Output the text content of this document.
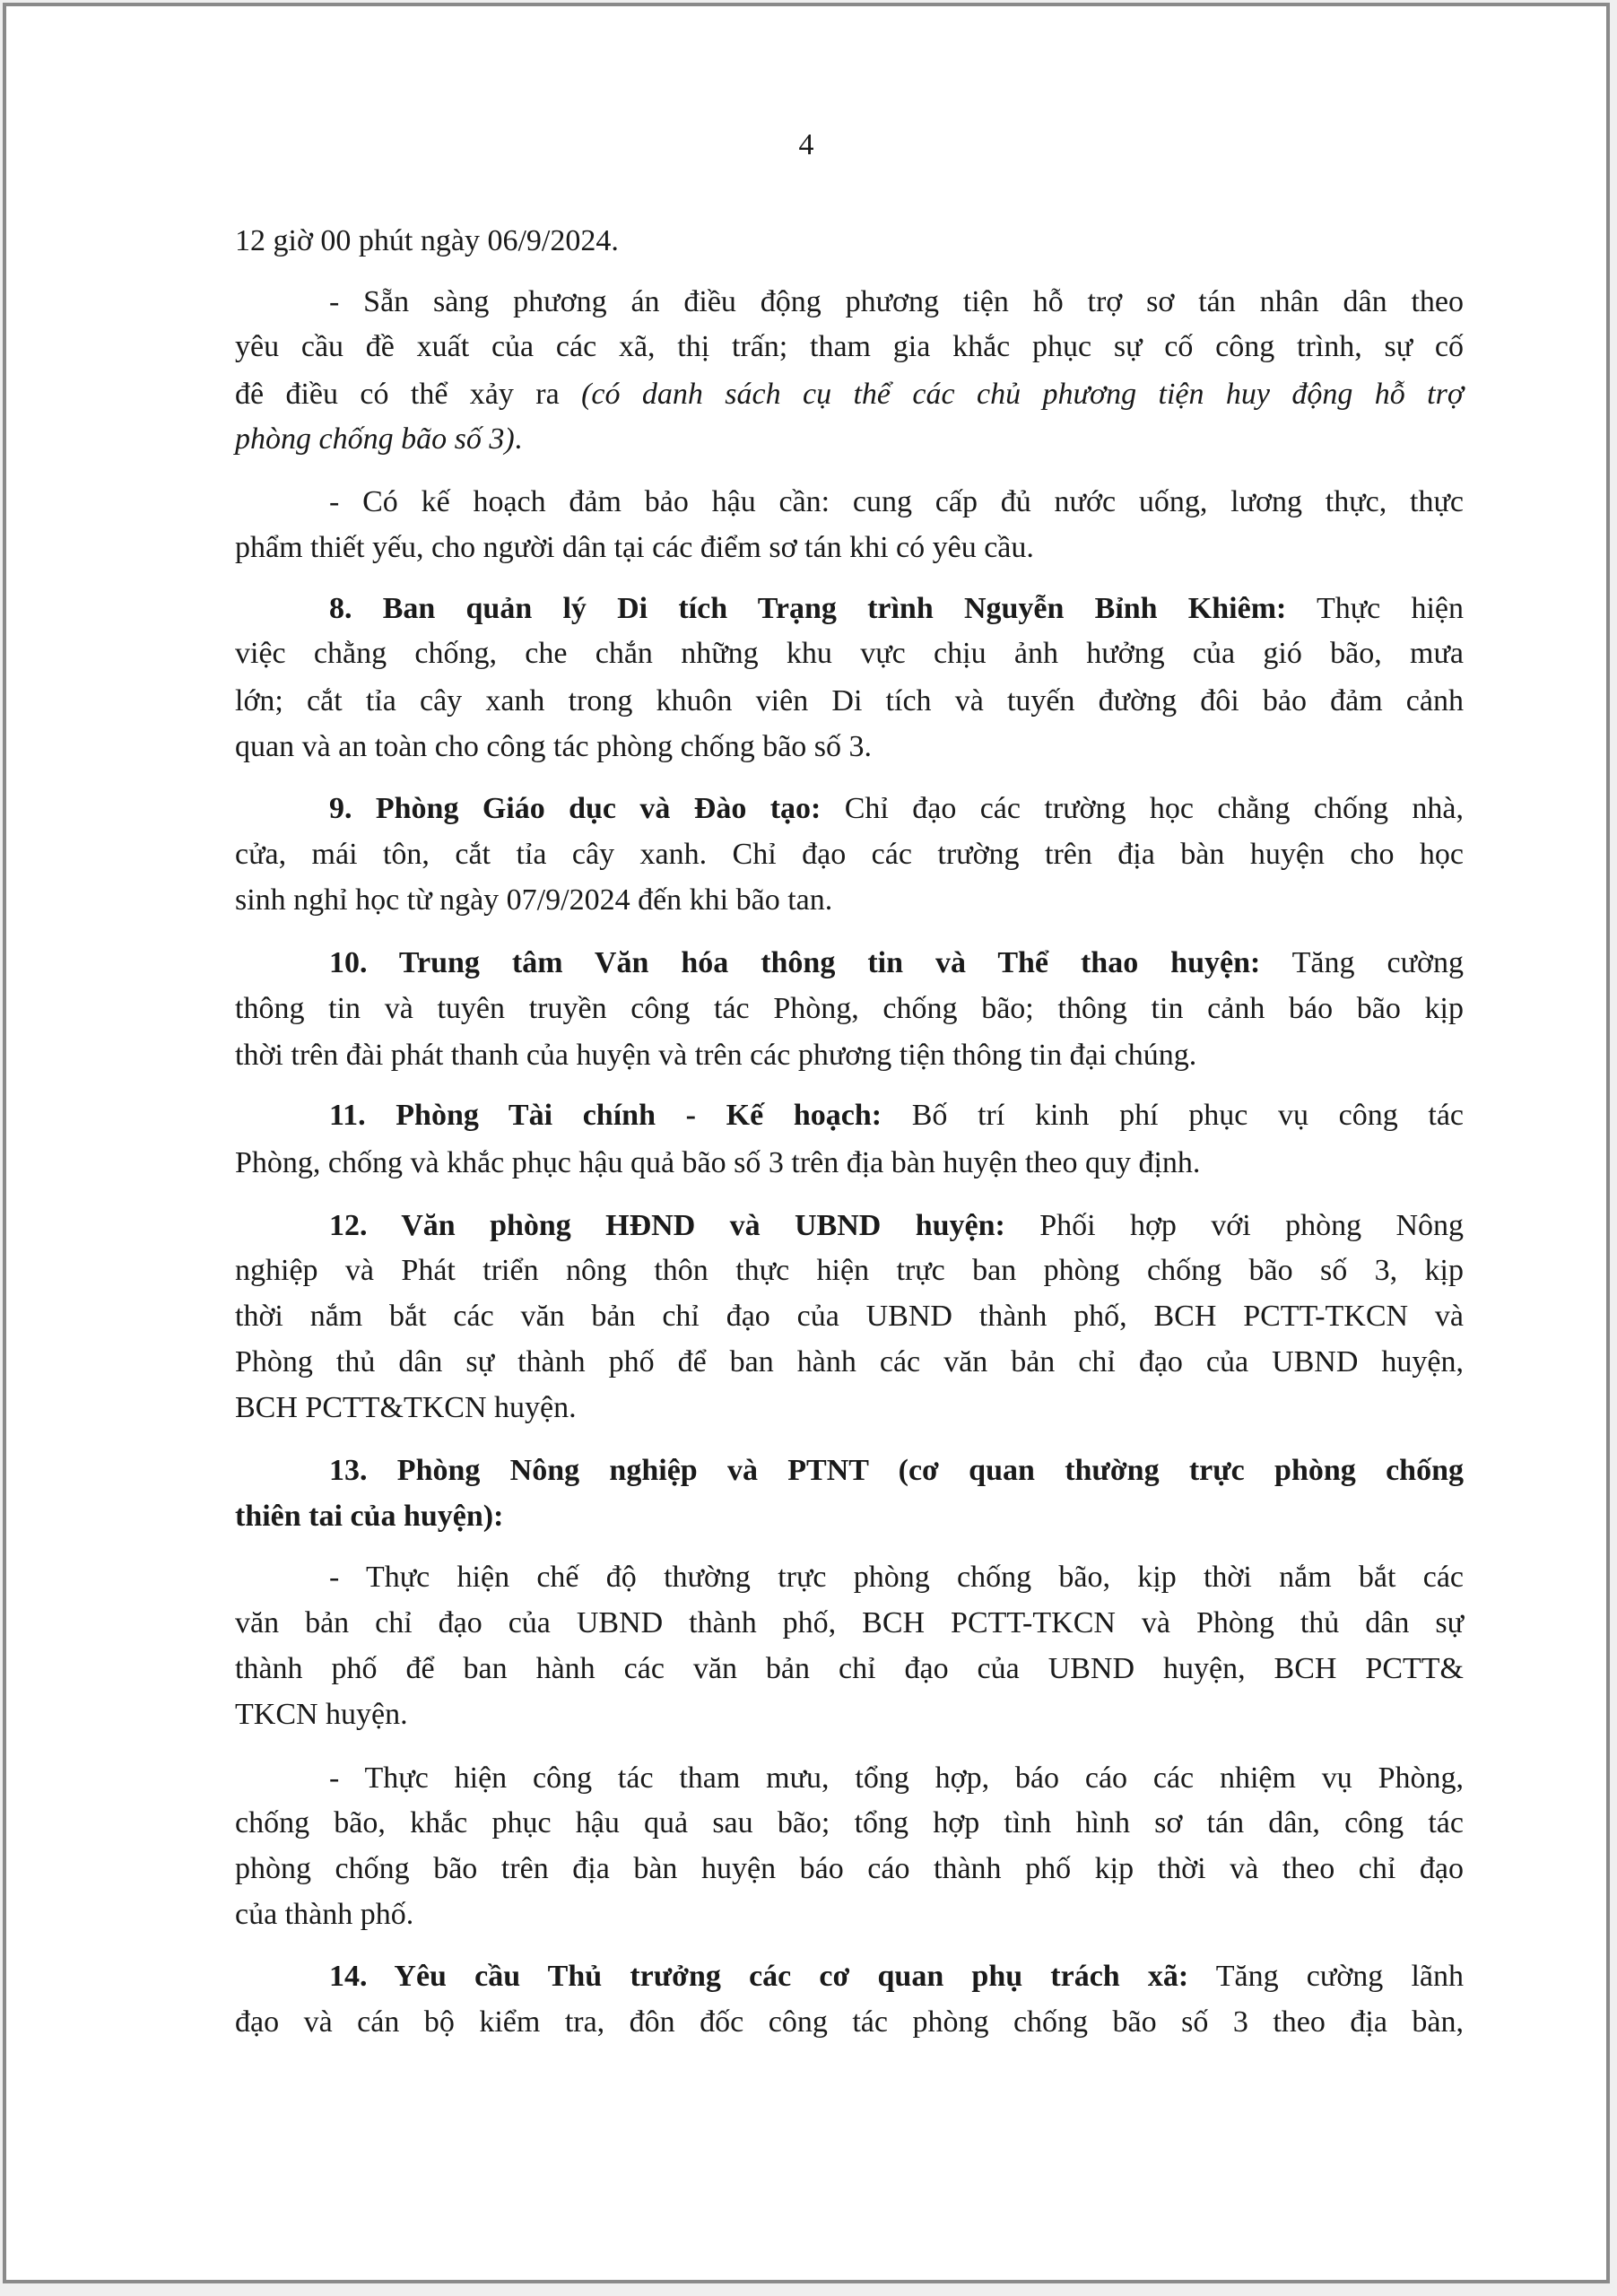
4
12 giờ 00 phút ngày 06/9/2024.
- Sẵn sàng phương án điều động phương tiện hỗ trợ sơ tán nhân dân theo
yêu cầu đề xuất của các xã, thị trấn; tham gia khắc phục sự cố công trình, sự cố
đê điều có thể xảy ra (có danh sách cụ thể các chủ phương tiện huy động hỗ trợ
phòng chống bão số 3).
- Có kế hoạch đảm bảo hậu cần: cung cấp đủ nước uống, lương thực, thực
phẩm thiết yếu, cho người dân tại các điểm sơ tán khi có yêu cầu.
8. Ban quản lý Di tích Trạng trình Nguyễn Bỉnh Khiêm: Thực hiện
việc chằng chống, che chắn những khu vực chịu ảnh hưởng của gió bão, mưa
lớn; cắt tỉa cây xanh trong khuôn viên Di tích và tuyến đường đôi bảo đảm cảnh
quan và an toàn cho công tác phòng chống bão số 3.
9. Phòng Giáo dục và Đào tạo: Chỉ đạo các trường học chằng chống nhà,
cửa, mái tôn, cắt tỉa cây xanh. Chỉ đạo các trường trên địa bàn huyện cho học
sinh nghỉ học từ ngày 07/9/2024 đến khi bão tan.
10. Trung tâm Văn hóa thông tin và Thể thao huyện: Tăng cường
thông tin và tuyên truyền công tác Phòng, chống bão; thông tin cảnh báo bão kịp
thời trên đài phát thanh của huyện và trên các phương tiện thông tin đại chúng.
11. Phòng Tài chính - Kế hoạch: Bố trí kinh phí phục vụ công tác
Phòng, chống và khắc phục hậu quả bão số 3 trên địa bàn huyện theo quy định.
12. Văn phòng HĐND và UBND huyện: Phối hợp với phòng Nông
nghiệp và Phát triển nông thôn thực hiện trực ban phòng chống bão số 3, kịp
thời nắm bắt các văn bản chỉ đạo của UBND thành phố, BCH PCTT-TKCN và
Phòng thủ dân sự thành phố để ban hành các văn bản chỉ đạo của UBND huyện,
BCH PCTT&TKCN huyện.
13. Phòng Nông nghiệp và PTNT (cơ quan thường trực phòng chống
thiên tai của huyện):
- Thực hiện chế độ thường trực phòng chống bão, kịp thời nắm bắt các
văn bản chỉ đạo của UBND thành phố, BCH PCTT-TKCN và Phòng thủ dân sự
thành phố để ban hành các văn bản chỉ đạo của UBND huyện, BCH PCTT&
TKCN huyện.
- Thực hiện công tác tham mưu, tổng hợp, báo cáo các nhiệm vụ Phòng,
chống bão, khắc phục hậu quả sau bão; tổng hợp tình hình sơ tán dân, công tác
phòng chống bão trên địa bàn huyện báo cáo thành phố kịp thời và theo chỉ đạo
của thành phố.
14. Yêu cầu Thủ trưởng các cơ quan phụ trách xã: Tăng cường lãnh
đạo và cán bộ kiểm tra, đôn đốc công tác phòng chống bão số 3 theo địa bàn,
